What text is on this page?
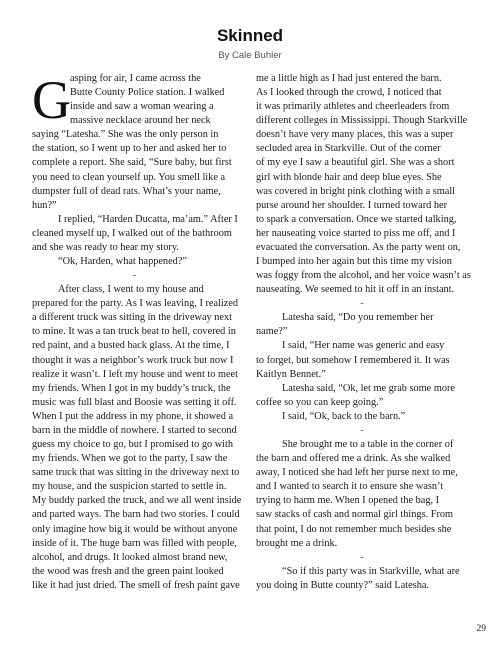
Skinned
By Cale Buhler
G asping for air, I came across the
Butte County Police station. I walked
inside and saw a woman wearing a
massive necklace around her neck
saying “Latesha.” She was the only person in
the station, so I went up to her and asked her to
complete a report. She said, “Sure baby, but first
you need to clean yourself up. You smell like a
dumpster full of dead rats. What’s your name,
hun?”
I replied, “Harden Ducatta, ma’am.” After I
cleaned myself up, I walked out of the bathroom
and she was ready to hear my story.
“Ok, Harden, what happened?”
-
After class, I went to my house and
prepared for the party. As I was leaving, I realized
a different truck was sitting in the driveway next
to mine. It was a tan truck beat to hell, covered in
red paint, and a busted back glass. At the time, I
thought it was a neighbor’s work truck but now I
realize it wasn’t. I left my house and went to meet
my friends. When I got in my buddy’s truck, the
music was full blast and Boosie was setting it off.
When I put the address in my phone, it showed a
barn in the middle of nowhere. I started to second
guess my choice to go, but I promised to go with
my friends. When we got to the party, I saw the
same truck that was sitting in the driveway next to
my house, and the suspicion started to settle in.
My buddy parked the truck, and we all went inside
and parted ways. The barn had two stories. I could
only imagine how big it would be without anyone
inside of it. The huge barn was filled with people,
alcohol, and drugs. It looked almost brand new,
the wood was fresh and the green paint looked
like it had just dried. The smell of fresh paint gave
me a little high as I had just entered the barn.
As I looked through the crowd, I noticed that
it was primarily athletes and cheerleaders from
different colleges in Mississippi. Though Starkville
doesn’t have very many places, this was a super
secluded area in Starkville. Out of the corner
of my eye I saw a beautiful girl. She was a short
girl with blonde hair and deep blue eyes. She
was covered in bright pink clothing with a small
purse around her shoulder. I turned toward her
to spark a conversation. Once we started talking,
her nauseating voice started to piss me off, and I
evacuated the conversation. As the party went on,
I bumped into her again but this time my vision
was foggy from the alcohol, and her voice wasn’t as
nauseating. We seemed to hit it off in an instant.
-
Latesha said, “Do you remember her
name?”
I said, “Her name was generic and easy
to forget, but somehow I remembered it. It was
Kaitlyn Bennet.”
Latesha said, “Ok, let me grab some more
coffee so you can keep going.”
I said, “Ok, back to the barn.”
-
She brought me to a table in the corner of
the barn and offered me a drink. As she walked
away, I noticed she had left her purse next to me,
and I wanted to search it to ensure she wasn’t
trying to harm me. When I opened the bag, I
saw stacks of cash and normal girl things. From
that point, I do not remember much besides she
brought me a drink.
-
“So if this party was in Starkville, what are
you doing in Butte county?” said Latesha.
29
